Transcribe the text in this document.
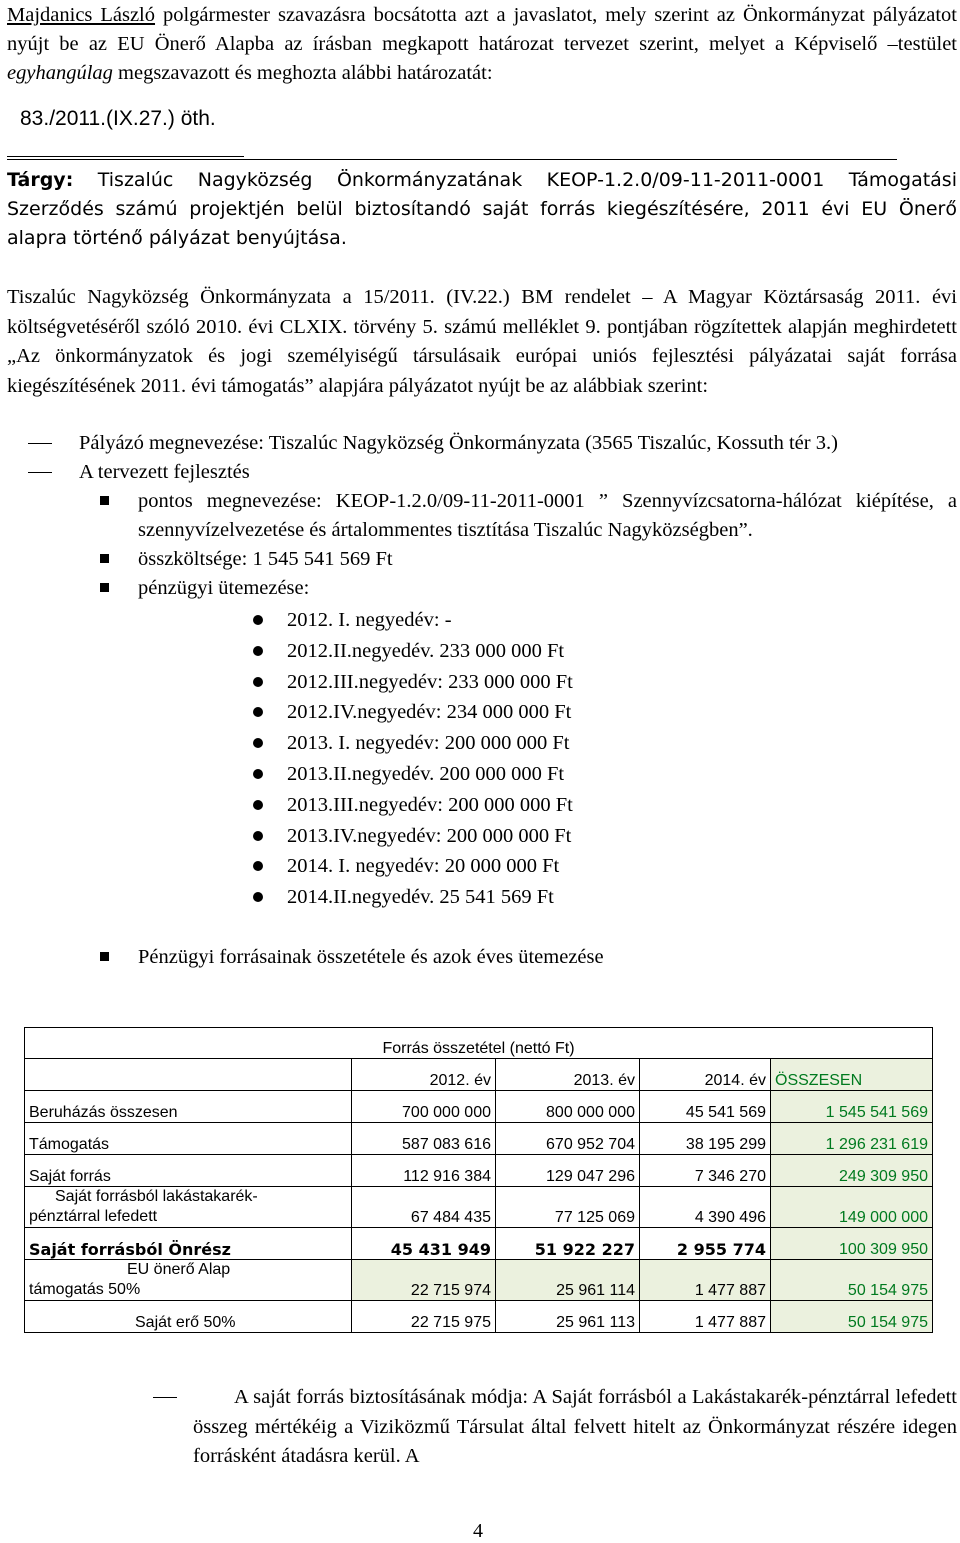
Majdanics László polgármester szavazásra bocsátotta azt a javaslatot, mely szerint az Önkormányzat pályázatot nyújt be az EU Önerő Alapba az írásban megkapott határozat tervezet szerint, melyet a Képviselő –testület egyhangúlag megszavazott és meghozta alábbi határozatát:

83./2011.(IX.27.) öth.
Tárgy: Tiszalúc Nagyközség Önkormányzatának KEOP-1.2.0/09-11-2011-0001 Támogatási Szerződés számú projektjén belül biztosítandó saját forrás kiegészítésére, 2011 évi EU Önerő alapra történő pályázat benyújtása.

Tiszalúc Nagyközség Önkormányzata a 15/2011. (IV.22.) BM rendelet – A Magyar Köztársaság 2011. évi költségvetéséről szóló 2010. évi CLXIX. törvény 5. számú melléklet 9. pontjában rögzítettek alapján meghirdetett „Az önkormányzatok és jogi személyiségű társulásaik európai uniós fejlesztési pályázatai saját forrása kiegészítésének 2011. évi támogatás” alapjára pályázatot nyújt be az alábbiak szerint:

Pályázó megnevezése: Tiszalúc Nagyközség Önkormányzata (3565 Tiszalúc, Kossuth tér 3.)
A tervezett fejlesztés
pontos megnevezése: KEOP-1.2.0/09-11-2011-0001 ” Szennyvízcsatorna-hálózat kiépítése, a szennyvízelvezetése és ártalommentes tisztítása Tiszalúc Nagyközségben”.
összköltsége: 1 545 541 569 Ft
pénzügyi ütemezése:
2012. I. negyedév: -
2012.II.negyedév. 233 000 000 Ft
2012.III.negyedév: 233 000 000 Ft
2012.IV.negyedév: 234 000 000 Ft
2013. I. negyedév: 200 000 000 Ft
2013.II.negyedév. 200 000 000 Ft
2013.III.negyedév: 200 000 000 Ft
2013.IV.negyedév: 200 000 000 Ft
2014. I. negyedév: 20 000 000 Ft
2014.II.negyedév. 25 541 569 Ft
Pénzügyi forrásainak összetétele és azok éves ütemezése
Forrás összetétel (nettó Ft)				
	2012. év	2013. év	2014. év	ÖSSZESEN
Beruházás összesen	700 000 000	800 000 000	45 541 569	1 545 541 569
Támogatás	587 083 616	670 952 704	38 195 299	1 296 231 619
Saját forrás	112 916 384	129 047 296	7 346 270	249 309 950

Saját forrásból lakástakarék-
pénztárral lefedett	67 484 435	77 125 069	4 390 496	149 000 000
Saját forrásból Önrész	45 431 949	51 922 227	2 955 774	100 309 950

EU önerő Alap
támogatás 50%	22 715 974	25 961 114	1 477 887	50 154 975
Saját erő 50%	22 715 975	25 961 113	1 477 887	50 154 975

A saját forrás biztosításának módja: A Saját forrásból a Lakástakarék-pénztárral lefedett összeg mértékéig a Viziközmű Társulat által felvett hitelt az Önkormányzat részére idegen forrásként átadásra kerül. A

4
